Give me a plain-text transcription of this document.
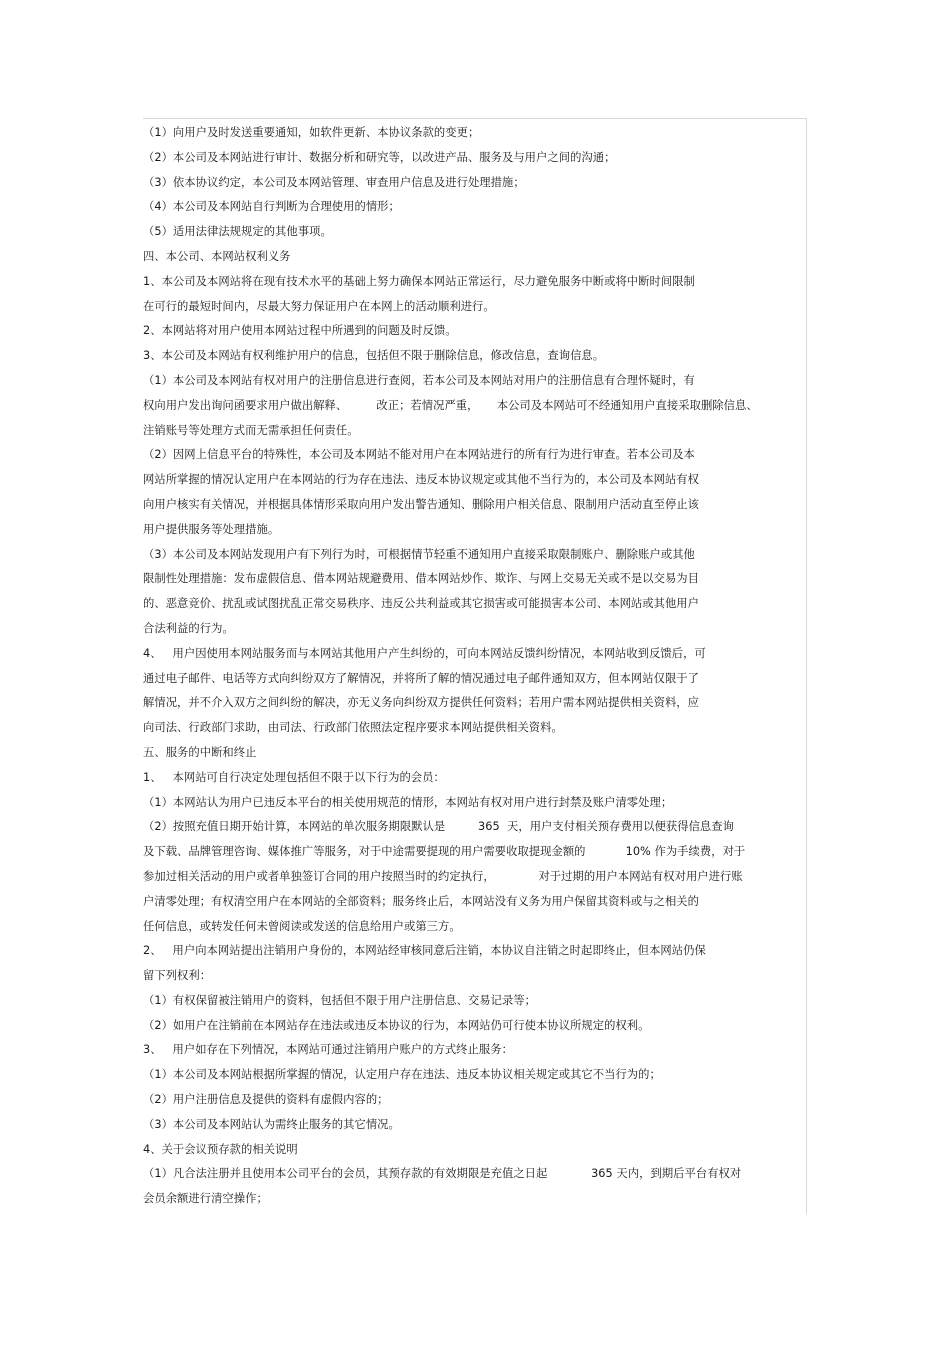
（1）向用户及时发送重要通知，如软件更新、本协议条款的变更；
（2）本公司及本网站进行审计、数据分析和研究等，以改进产品、服务及与用户之间的沟通；
（3）依本协议约定，本公司及本网站管理、审查用户信息及进行处理措施；
（4）本公司及本网站自行判断为合理使用的情形；
（5）适用法律法规规定的其他事项。
四、本公司、本网站权利义务
1、本公司及本网站将在现有技术水平的基础上努力确保本网站正常运行，尽力避免服务中断或将中断时间限制
在可行的最短时间内，尽最大努力保证用户在本网上的活动顺利进行。
2、本网站将对用户使用本网站过程中所遇到的问题及时反馈。
3、本公司及本网站有权利维护用户的信息，包括但不限于删除信息，修改信息，查询信息。
（1）本公司及本网站有权对用户的注册信息进行查阅，若本公司及本网站对用户的注册信息有合理怀疑时，有
权向用户发出询问函要求用户做出解释、        改正；若情况严重，     本公司及本网站可不经通知用户直接采取删除信息、
注销账号等处理方式而无需承担任何责任。
（2）因网上信息平台的特殊性，本公司及本网站不能对用户在本网站进行的所有行为进行审查。若本公司及本
网站所掌握的情况认定用户在本网站的行为存在违法、违反本协议规定或其他不当行为的，本公司及本网站有权
向用户核实有关情况，并根据具体情形采取向用户发出警告通知、删除用户相关信息、限制用户活动直至停止该
用户提供服务等处理措施。
（3）本公司及本网站发现用户有下列行为时，可根据情节轻重不通知用户直接采取限制账户、删除账户或其他
限制性处理措施：发布虚假信息、借本网站规避费用、借本网站炒作、欺诈、与网上交易无关或不是以交易为目
的、恶意竞价、扰乱或试图扰乱正常交易秩序、违反公共利益或其它损害或可能损害本公司、本网站或其他用户
合法利益的行为。
4、   用户因使用本网站服务而与本网站其他用户产生纠纷的，可向本网站反馈纠纷情况，本网站收到反馈后，可
通过电子邮件、电话等方式向纠纷双方了解情况，并将所了解的情况通过电子邮件通知双方，但本网站仅限于了
解情况，并不介入双方之间纠纷的解决，亦无义务向纠纷双方提供任何资料；若用户需本网站提供相关资料，应
向司法、行政部门求助，由司法、行政部门依照法定程序要求本网站提供相关资料。
五、服务的中断和终止
1、   本网站可自行决定处理包括但不限于以下行为的会员：
（1）本网站认为用户已违反本平台的相关使用规范的情形，本网站有权对用户进行封禁及账户清零处理；
（2）按照充值日期开始计算，本网站的单次服务期限默认是         365  天，用户支付相关预存费用以便获得信息查询
及下载、品牌管理咨询、媒体推广等服务，对于中途需要提现的用户需要收取提现金额的           10% 作为手续费，对于
参加过相关活动的用户或者单独签订合同的用户按照当时的约定执行，            对于过期的用户本网站有权对用户进行账
户清零处理；有权清空用户在本网站的全部资料；服务终止后，本网站没有义务为用户保留其资料或与之相关的
任何信息，或转发任何未曾阅读或发送的信息给用户或第三方。
2、   用户向本网站提出注销用户身份的，本网站经审核同意后注销，本协议自注销之时起即终止，但本网站仍保
留下列权利：
（1）有权保留被注销用户的资料，包括但不限于用户注册信息、交易记录等；
（2）如用户在注销前在本网站存在违法或违反本协议的行为，本网站仍可行使本协议所规定的权利。
3、   用户如存在下列情况，本网站可通过注销用户账户的方式终止服务：
（1）本公司及本网站根据所掌握的情况，认定用户存在违法、违反本协议相关规定或其它不当行为的；
（2）用户注册信息及提供的资料有虚假内容的；
（3）本公司及本网站认为需终止服务的其它情况。
4、关于会议预存款的相关说明
（1）凡合法注册并且使用本公司平台的会员，其预存款的有效期限是充值之日起            365 天内，到期后平台有权对
会员余额进行清空操作；
